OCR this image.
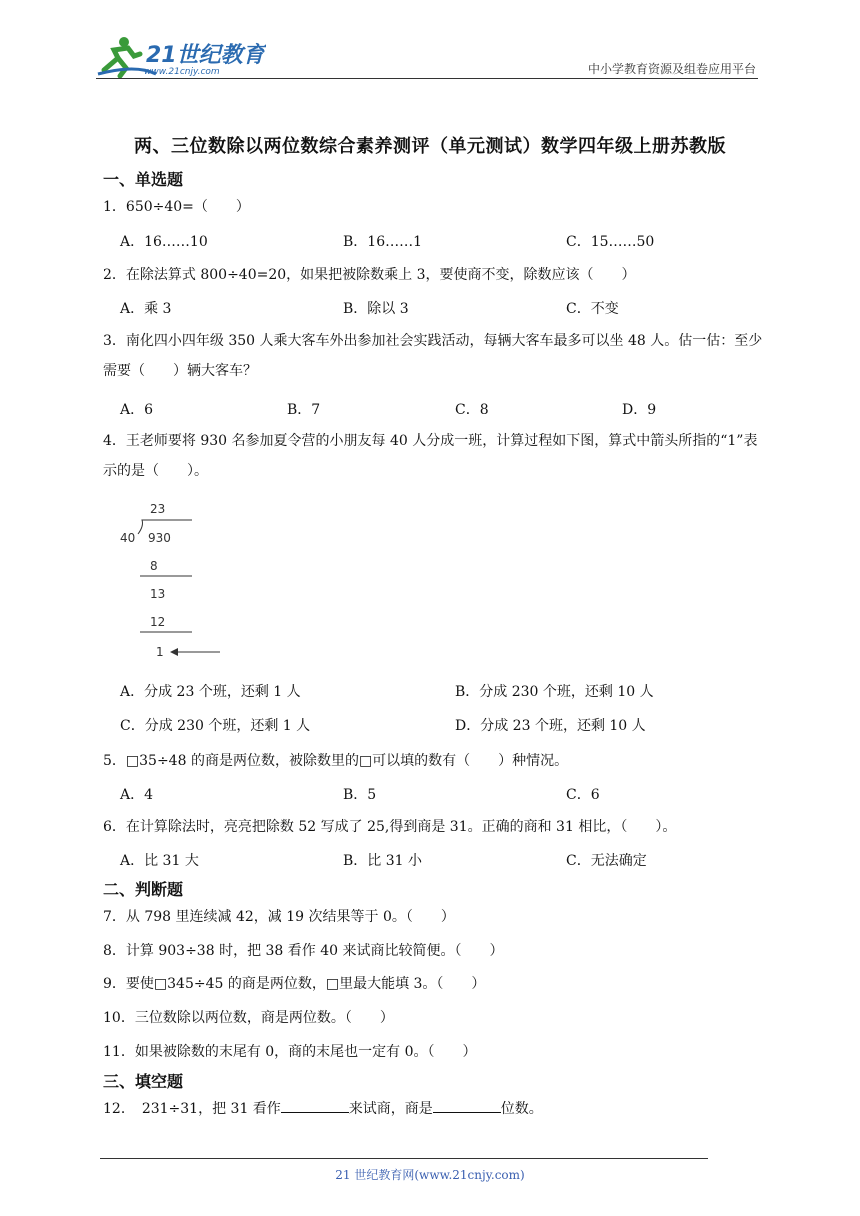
21世纪教育
www.21cnjy.com	中小学教育资源及组卷应用平台
两、三位数除以两位数综合素养测评（单元测试）数学四年级上册苏教版
一、单选题
1．650÷40=（　　）
A．16……10	B．16……1	C．15……50
2．在除法算式 800÷40=20，如果把被除数乘上 3，要使商不变，除数应该（　　）
A．乘 3	B．除以 3	C．不变
3．南化四小四年级 350 人乘大客车外出参加社会实践活动，每辆大客车最多可以坐 48 人。估一估：至少需要（　　）辆大客车？
A．6	B．7	C．8	D．9
4．王老师要将 930 名参加夏令营的小朋友每 40 人分成一班，计算过程如下图，算式中箭头所指的“1”表示的是（　　）。
23
40 930
8
13
12
1
A．分成 23 个班，还剩 1 人	B．分成 230 个班，还剩 10 人
C．分成 230 个班，还剩 1 人	D．分成 23 个班，还剩 10 人
5．□35÷48 的商是两位数，被除数里的□可以填的数有（　　）种情况。
A．4	B．5	C．6
6．在计算除法时，亮亮把除数 52 写成了 25,得到商是 31。正确的商和 31 相比，（　　）。
A．比 31 大	B．比 31 小	C．无法确定
二、判断题
7．从 798 里连续减 42，减 19 次结果等于 0。（　　）
8．计算 903÷38 时，把 38 看作 40 来试商比较简便。（　　）
9．要使□345÷45 的商是两位数，□里最大能填 3。（　　）
10．三位数除以两位数，商是两位数。（　　）
11．如果被除数的末尾有 0，商的末尾也一定有 0。（　　）
三、填空题
12．　231÷31，把 31 看作	来试商，商是	位数。
21 世纪教育网(www.21cnjy.com)
